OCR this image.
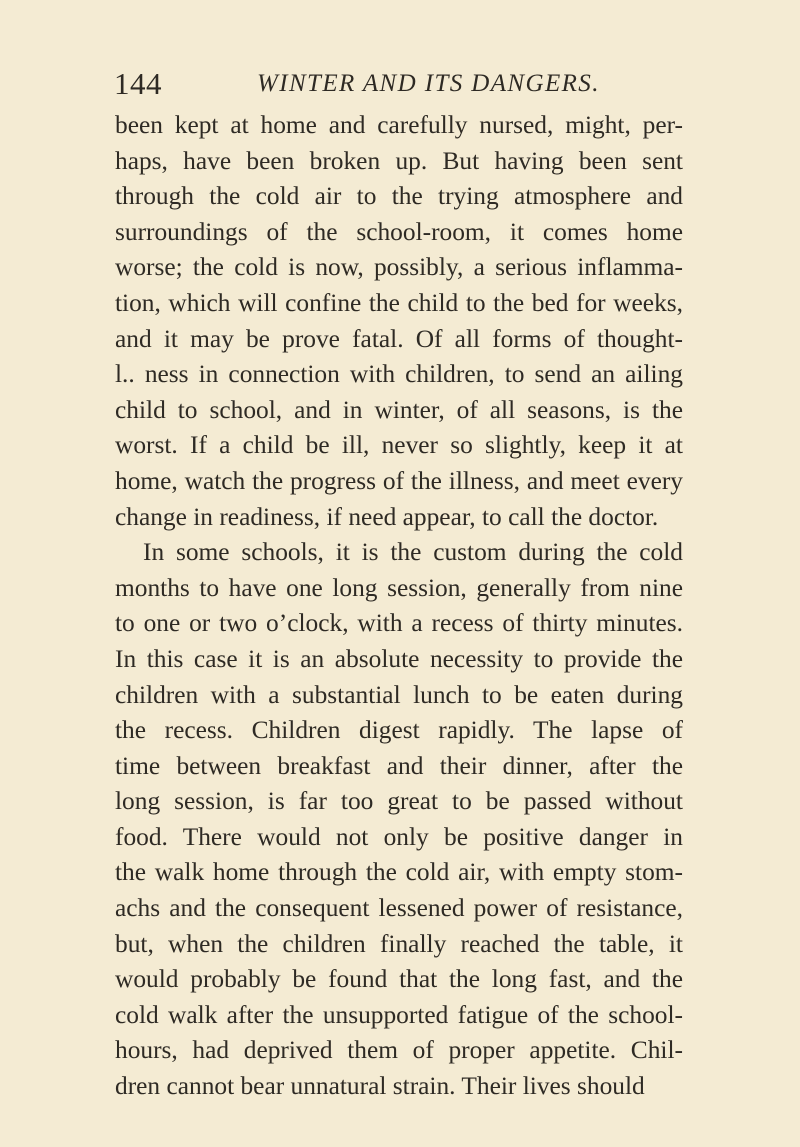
144	WINTER AND ITS DANGERS.
been kept at home and carefully nursed, might, per-
haps, have been broken up. But having been sent
through the cold air to the trying atmosphere and
surroundings of the school-room, it comes home
worse; the cold is now, possibly, a serious inflamma-
tion, which will confine the child to the bed for weeks,
and it may be prove fatal. Of all forms of thought-
l.. ness in connection with children, to send an ailing
child to school, and in winter, of all seasons, is the
worst. If a child be ill, never so slightly, keep it at
home, watch the progress of the illness, and meet every
change in readiness, if need appear, to call the doctor.
In some schools, it is the custom during the cold
months to have one long session, generally from nine
to one or two o’clock, with a recess of thirty minutes.
In this case it is an absolute necessity to provide the
children with a substantial lunch to be eaten during
the recess. Children digest rapidly. The lapse of
time between breakfast and their dinner, after the
long session, is far too great to be passed without
food. There would not only be positive danger in
the walk home through the cold air, with empty stom-
achs and the consequent lessened power of resistance,
but, when the children finally reached the table, it
would probably be found that the long fast, and the
cold walk after the unsupported fatigue of the school-
hours, had deprived them of proper appetite. Chil-
dren cannot bear unnatural strain. Their lives should
